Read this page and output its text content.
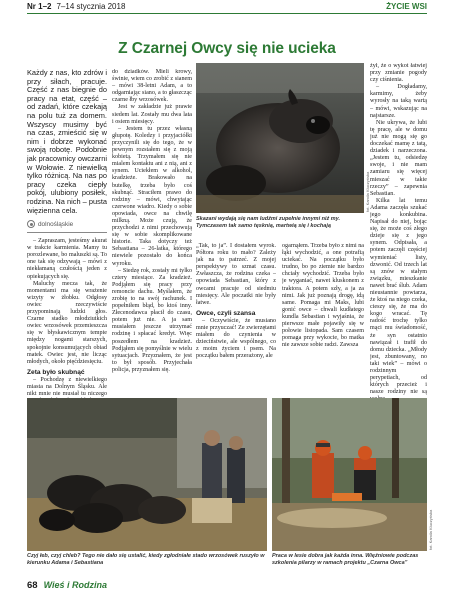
Nr 1–2 7–14 stycznia 2018	ŻYCIE WSI
Z Czarnej Owcy się nie ucieka
Każdy z nas, kto zdrów i przy siłach, pracuje. Część z nas biegnie do pracy na etat, część – od zadań, które czekają na polu tuż za domem. Wszyscy musimy być na czas, zmieścić się w nim i dobrze wykonać swoją robotę. Podobnie jak pracownicy owczarni w Wołowie. Z niewielką tylko różnicą. Na nas po pracy czeka ciepły pokój, ulubiony posiłek, rodzina. Na nich – pusta więzienna cela.
dolnośląskie

– Zapraszam, jesteśmy akurat w trakcie karmienia. Mamy tu porozlewane, bo maluszki są. To one tak się odzywają – mówi z niekłamaną czułością jeden z opiekujących się.

Maluchy mecza tak, że momentami ma się wrażenie wizyty w żłobku. Odgłosy owiec rzeczywiście przypominają ludzki głos. Czarne stadko młodziutkich owiec wrzosówek przemieszcza się w błyskawicznym tempie między nogami starszych, spokojnie konsumujących obiad matek. Owiec jest, nie licząc młodych, około pięćdziesięciu.

Zeta było skubnąć

– Pochodzę z niewielkiego miasta na Dolnym Śląsku. Ale nikt mnie nie musiał tu niczego

do dziadków. Mieli krowy, świnie, wiem co zrobić z sianem – mówi 38-letni Adam, a to odgarniając siano, a to głaszcząc czarne łby wrzosówek.

Jest w zakładzie już prawie siedem lat. Zostały mu dwa lata i osiem miesięcy.

– Jestem tu przez własną głupotę. Koledzy i przyjaciółki przyczynili się do tego, że w pewnym rozstałem się z moją kobietą. Trzymałem się nie mialem kontaktu ani z nią, ani z synem. Uciekłem w alkohol, kradzieże. Brakowało na butelkę, trzeba było coś skubnąć. Straciłem prawo do rodziny – mówi, chwytając czerwone wiadro. Kiedy o sobie opowiada, owce na chwilę milkną. Może czują, że przychodzi z nimi przechowują się w sobie skomplikowane historie. Taka dotyczy też Sebastiana – 26-latka, którego niewiele pozostało do końca wyroku.

– Siedzę rok, zostały mi tylko cztery miesiące. Za kradzież. Podjąłem się pracy przy remoncie dachu. Myślałem, że zrobię to na swój rachunek. I popełniłem błąd, bo ktoś inny. Złecenodawca płacił do czasu, potem już nie. A ja sam musiałem jeszcze utrzymać rodzinę i spłacać kredyt. Więc poszedłem na kradzież. Podjąłem się pomyślnie w wielu sytuacjach. Przyznałem, że jest to był sposób. Przyjechała policja, przyznałem się.

fot. Kamila Kluczyńska
Skazani wydają się nam ludźmi zupełnie innymi niż my. Tymczasem tak samo tęsknią, martwią się i kochają

„Tak, to ja”. I dostałem wyrok. Półtora roku to mało? Zależy jak na to patrzeć. Z mojej perspektywy to szmat czasu. Zwłaszcza, że rodzina czeka – opowiada Sebastian, który z owcami pracuje od siedmiu miesięcy. Ale poczatki nie były łatwe.

Owce, czyli szansa

– Oczywiście, że musiano mnie przyuczać! Ze zwierzętami miałem do czynienia w dzieciństwie, ale wspólnego, co z moim życiem i psem. Na początku bałem przerażony, ale

ogarnąłem. Trzeba było z nimi na łąki wychodzić, a one potrafią uciekać. Na początku było trudno, bo po ziemie nie bardzo chciały wychodzić. Trzeba było je wyganiać, nawet kluskonem z traktora. A potem szły, a ja za nimi. Jak już poznają drogę, idą same. Pomaga mi Maks, lubi gonić owce – chwali kudłatego kundla Sebastian i wyjaśnia, że pierwsze małe pojawiły się w połowie listopada. Sam czasem pomaga przy wykocie, bo matka nie zawsze sobie radzi. Zawsza

żył, że o wykot łatwiej przy zmianie pogody czy ciśnienia.

– Dogładamy, karmimy, żeby wyrosły na taką wartą – mówi, wskazując na najstarsze.

Nie ukrywa, że lubi tę pracę, ale w domu już nie mogą się go doczekać mamę z tatą, dziadek i narzeczona. „Jestem tu, odsiedzę swoje, i nie mam zamiaru się więcej mieszać w takie rzeczy” – zapewnia Sebastian.

Kilka lat temu Adama zaczęła szukać jego konkubina. Napisał do niej, bojąc się, że może coś złego dzieje się z jego synem. Odpisała, a potem zaczęli częściej wymieniać listy, dzwonić. Od trzech lat są znów w stałym związku, mieszkanie nawet brać ślub. Adam nieustannie powtarza, że ktoś na niego czeka, cieszy się, że ma do kogo wracać. Tę radość trochę tylko mąci mu świadomość, że syn ostatnio nawiązał i trafił do domu dziecka. „Młody jest, zbuntowany, no taki wiek” – mówi o rodzinnym perypetiach, od których przecież i nasze rodziny nie są

fot. Kamila Kluczyńska
Czyj łeb, czyj chleb? Tego nie dało się ustalić, kiedy zgłodniałe stado wrzosówek ruszyło w kierunku Adama i Sebastiana
Praca w lesie dobra jak każda inna. Więźniowie podczas szkolenia pilarzy w ramach projektu „Czarna Owca”
68 Wieś i Rodzina
